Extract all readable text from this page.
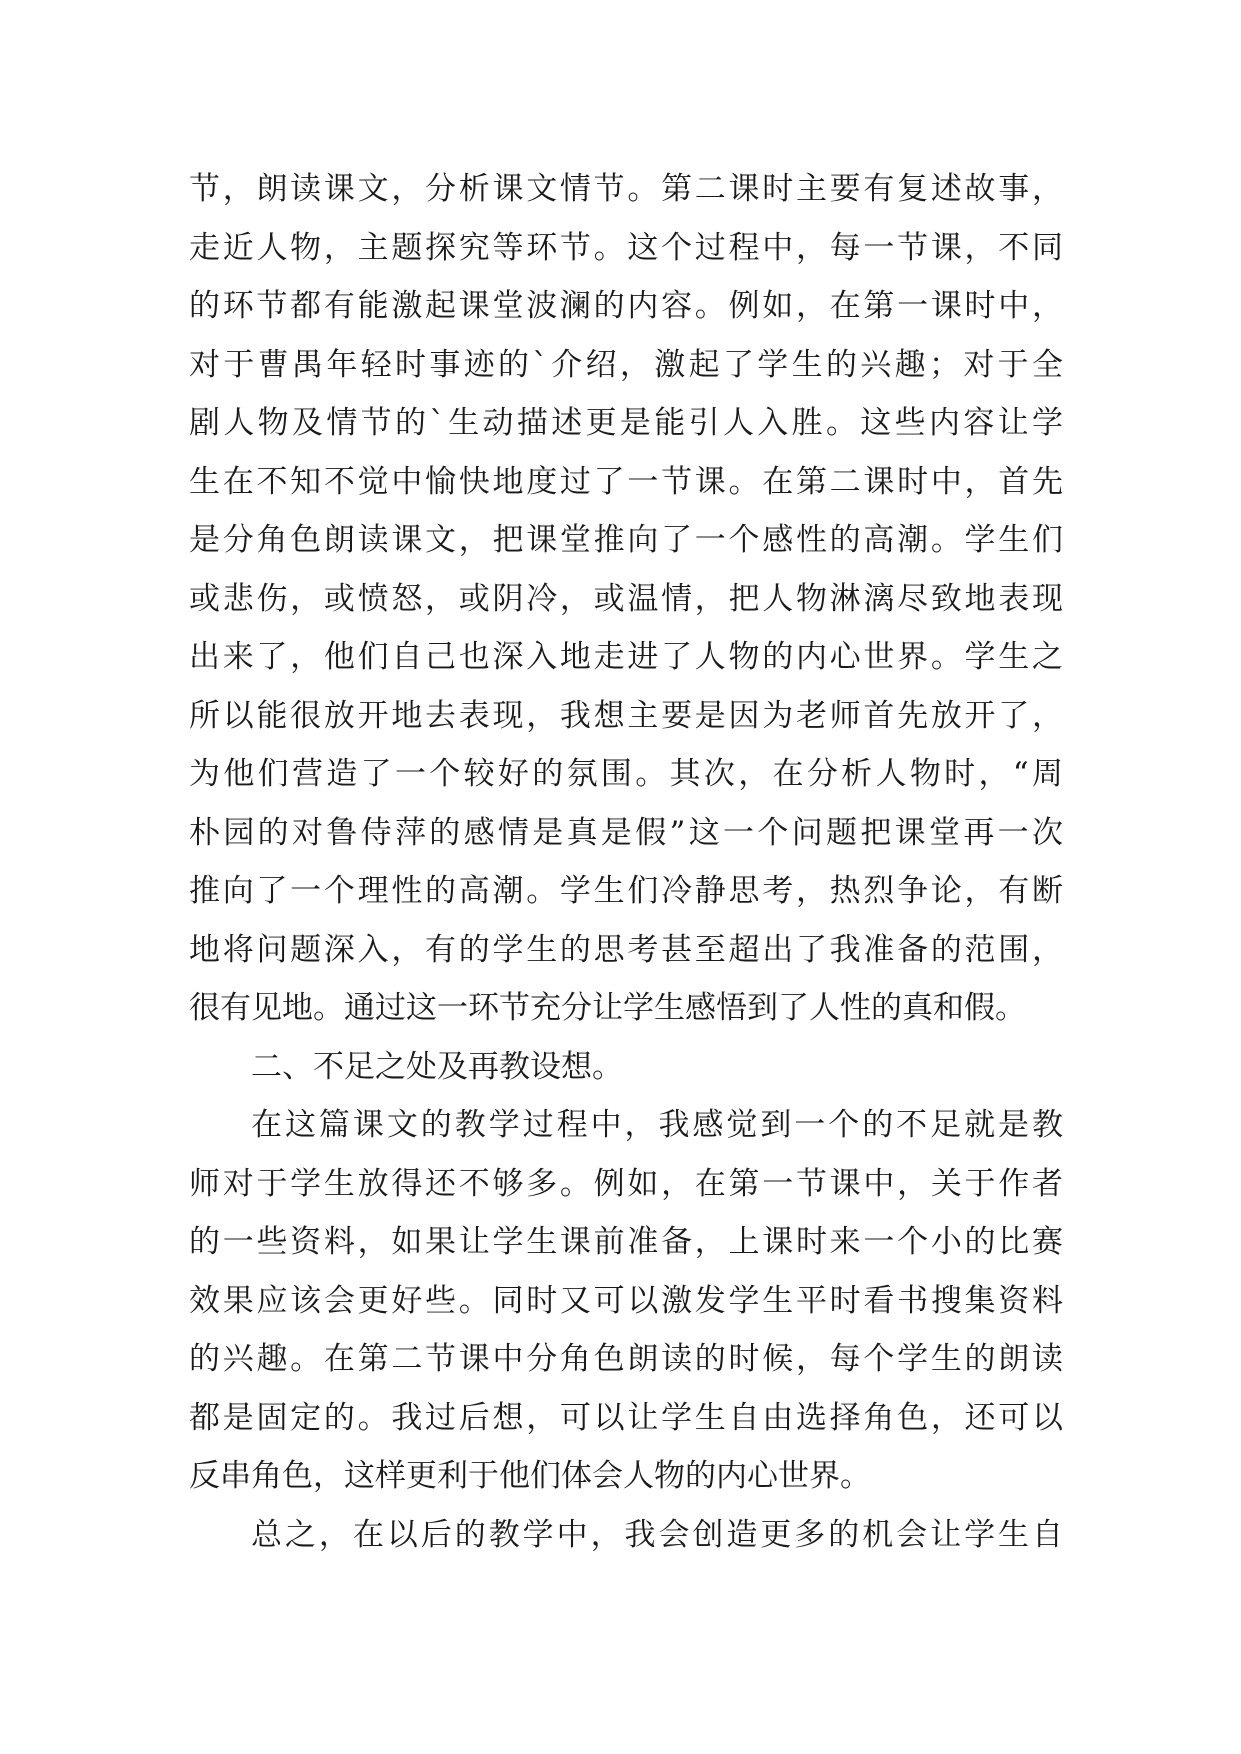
节，朗读课文，分析课文情节。第二课时主要有复述故事，
走近人物，主题探究等环节。这个过程中，每一节课，不同
的环节都有能激起课堂波澜的内容。例如，在第一课时中，
对于曹禺年轻时事迹的`介绍，激起了学生的兴趣；对于全
剧人物及情节的`生动描述更是能引人入胜。这些内容让学
生在不知不觉中愉快地度过了一节课。在第二课时中，首先
是分角色朗读课文，把课堂推向了一个感性的高潮。学生们
或悲伤，或愤怒，或阴冷，或温情，把人物淋漓尽致地表现
出来了，他们自己也深入地走进了人物的内心世界。学生之
所以能很放开地去表现，我想主要是因为老师首先放开了，
为他们营造了一个较好的氛围。其次，在分析人物时，“周
朴园的对鲁侍萍的感情是真是假”这一个问题把课堂再一次
推向了一个理性的高潮。学生们冷静思考，热烈争论，有断
地将问题深入，有的学生的思考甚至超出了我准备的范围，
很有见地。通过这一环节充分让学生感悟到了人性的真和假。
二、不足之处及再教设想。
在这篇课文的教学过程中，我感觉到一个的不足就是教
师对于学生放得还不够多。例如，在第一节课中，关于作者
的一些资料，如果让学生课前准备，上课时来一个小的比赛
效果应该会更好些。同时又可以激发学生平时看书搜集资料
的兴趣。在第二节课中分角色朗读的时候，每个学生的朗读
都是固定的。我过后想，可以让学生自由选择角色，还可以
反串角色，这样更利于他们体会人物的内心世界。
总之，在以后的教学中，我会创造更多的机会让学生自
